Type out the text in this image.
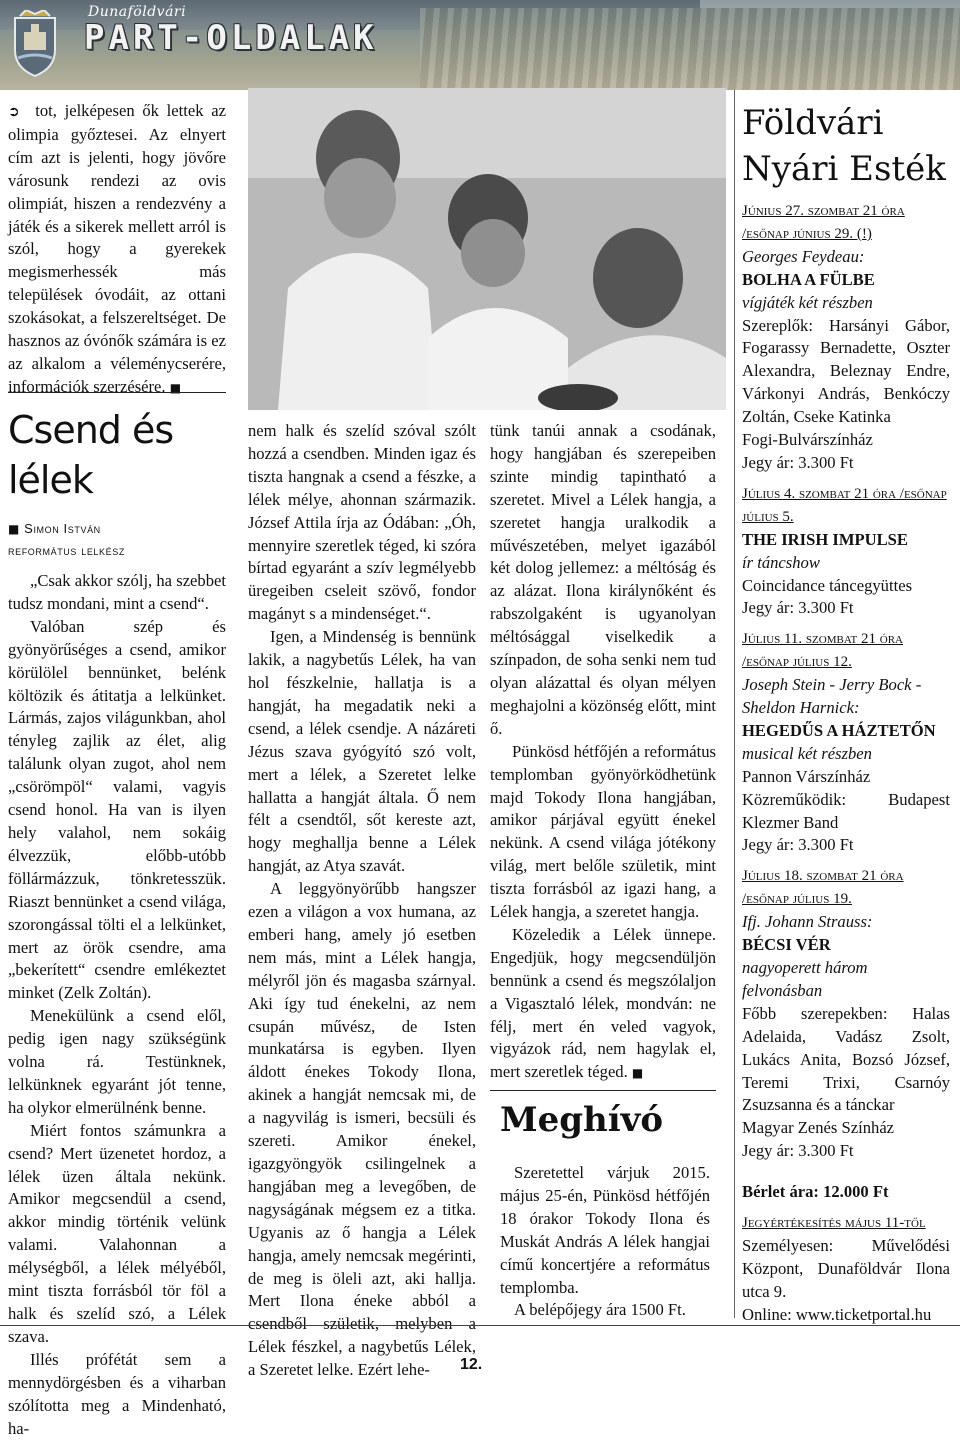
Dunaföldvári
PART-OLDALAK

➲ tot, jelképesen ők lettek az olimpia győztesei. Az elnyert cím azt is jelenti, hogy jövőre városunk rendezi az ovis olimpiát, hiszen a rendezvény a játék és a sikerek mellett arról is szól, hogy a gyerekek megismerhessék más települések óvodáit, az ottani szokásokat, a felszereltséget. De hasznos az óvónők számára is ez az alkalom a véleménycserére, információk szerzésére. ■

Csend és
lélek
■ Simon István
református lelkész

„Csak akkor szólj, ha szebbet tudsz mondani, mint a csend“.

Valóban szép és gyönyörűséges a csend, amikor körülölel bennünket, belénk költözik és átitatja a lelkünket. Lármás, zajos világunkban, ahol tényleg zajlik az élet, alig találunk olyan zugot, ahol nem „csörömpöl“ valami, vagyis csend honol. Ha van is ilyen hely valahol, nem sokáig élvezzük, előbb-utóbb föllármázzuk, tönkretesszük. Riaszt bennünket a csend világa, szorongással tölti el a lelkünket, mert az örök csendre, ama „bekerített“ csendre emlékeztet minket (Zelk Zoltán).

Menekülünk a csend elől, pedig igen nagy szükségünk volna rá. Testünknek, lelkünknek egyaránt jót tenne, ha olykor elmerülnénk benne.

Miért fontos számunkra a csend? Mert üzenetet hordoz, a lélek üzen általa nekünk. Amikor megcsendül a csend, akkor mindig történik velünk valami. Valahonnan a mélységből, a lélek mélyéből, mint tiszta forrásból tör föl a halk és szelíd szó, a Lélek szava.

Illés prófétát sem a mennydörgésben és a viharban szólította meg a Mindenható, ha-

nem halk és szelíd szóval szólt hozzá a csendben. Minden igaz és tiszta hangnak a csend a fészke, a lélek mélye, ahonnan származik. József Attila írja az Ódában: „Óh, mennyire szeretlek téged, ki szóra bírtad egyaránt a szív legmélyebb üregeiben cseleit szövő, fondor magányt s a mindenséget.“.

Igen, a Mindenség is bennünk lakik, a nagybetűs Lélek, ha van hol fészkelnie, hallatja is a hangját, ha megadatik neki a csend, a lélek csendje. A názáreti Jézus szava gyógyító szó volt, mert a lélek, a Szeretet lelke hallatta a hangját általa. Ő nem félt a csendtől, sőt kereste azt, hogy meghallja benne a Lélek hangját, az Atya szavát.

A leggyönyörűbb hangszer ezen a világon a vox humana, az emberi hang, amely jó esetben nem más, mint a Lélek hangja, mélyről jön és magasba szárnyal. Aki így tud énekelni, az nem csupán művész, de Isten munkatársa is egyben. Ilyen áldott énekes Tokody Ilona, akinek a hangját nemcsak mi, de a nagyvilág is ismeri, becsüli és szereti. Amikor énekel, igazgyöngyök csilingelnek a hangjában meg a levegőben, de nagyságának mégsem ez a titka. Ugyanis az ő hangja a Lélek hangja, amely nemcsak megérinti, de meg is öleli azt, aki hallja. Mert Ilona éneke abból a csendből születik, melyben a Lélek fészkel, a nagybetűs Lélek, a Szeretet lelke. Ezért lehe-

tünk tanúi annak a csodának, hogy hangjában és szerepeiben szinte mindig tapintható a szeretet. Mivel a Lélek hangja, a szeretet hangja uralkodik a művészetében, melyet igazából két dolog jellemez: a méltóság és az alázat. Ilona királynőként és rabszolgaként is ugyanolyan méltósággal viselkedik a színpadon, de soha senki nem tud olyan alázattal és olyan mélyen meghajolni a közönség előtt, mint ő.

Pünkösd hétfőjén a református templomban gyönyörködhetünk majd Tokody Ilona hangjában, amikor párjával együtt énekel nekünk. A csend világa jótékony világ, mert belőle születik, mint tiszta forrásból az igazi hang, a Lélek hangja, a szeretet hangja.

Közeledik a Lélek ünnepe. Engedjük, hogy megcsendüljön bennünk a csend és megszólaljon a Vigasztaló lélek, mondván: ne félj, mert én veled vagyok, vigyázok rád, nem hagylak el, mert szeretlek téged. ■

Meghívó

Szeretettel várjuk 2015. május 25-én, Pünkösd hétfőjén 18 órakor Tokody Ilona és Muskát András A lélek hangjai című koncertjére a református templomba.

A belépőjegy ára 1500 Ft.

Földvári
Nyári Esték
Június 27. szombat 21 óra /esőnap június 29. (!)
Georges Feydeau:
BOLHA A FÜLBE
vígjáték két részben

Szereplők: Harsányi Gábor, Fogarassy Bernadette, Oszter Alexandra, Beleznay Endre, Várkonyi András, Benkóczy Zoltán, Cseke Katinka

Fogi-Bulvárszínház
Jegy ár: 3.300 Ft
Július 4. szombat 21 óra /esőnap július 5.
THE IRISH IMPULSE
ír táncshow
Coincidance táncegyüttes
Jegy ár: 3.300 Ft
Július 11. szombat 21 óra /esőnap július 12.
Joseph Stein - Jerry Bock - Sheldon Harnick:
HEGEDŰS A HÁZTETŐN
musical két részben
Pannon Várszínház

Közreműködik: Budapest Klezmer Band

Jegy ár: 3.300 Ft
Július 18. szombat 21 óra /esőnap július 19.
Ifj. Johann Strauss:
BÉCSI VÉR
nagyoperett három felvonásban

Főbb szerepekben: Halas Adelaida, Vadász Zsolt, Lukács Anita, Bozsó József, Teremi Trixi, Csarnóy Zsuzsanna és a tánckar

Magyar Zenés Színház
Jegy ár: 3.300 Ft
Bérlet ára: 12.000 Ft
Jegyértékesítés május 11-től

Személyesen: Művelődési Központ, Dunaföldvár Ilona utca 9.

Online: www.ticketportal.hu
12.
